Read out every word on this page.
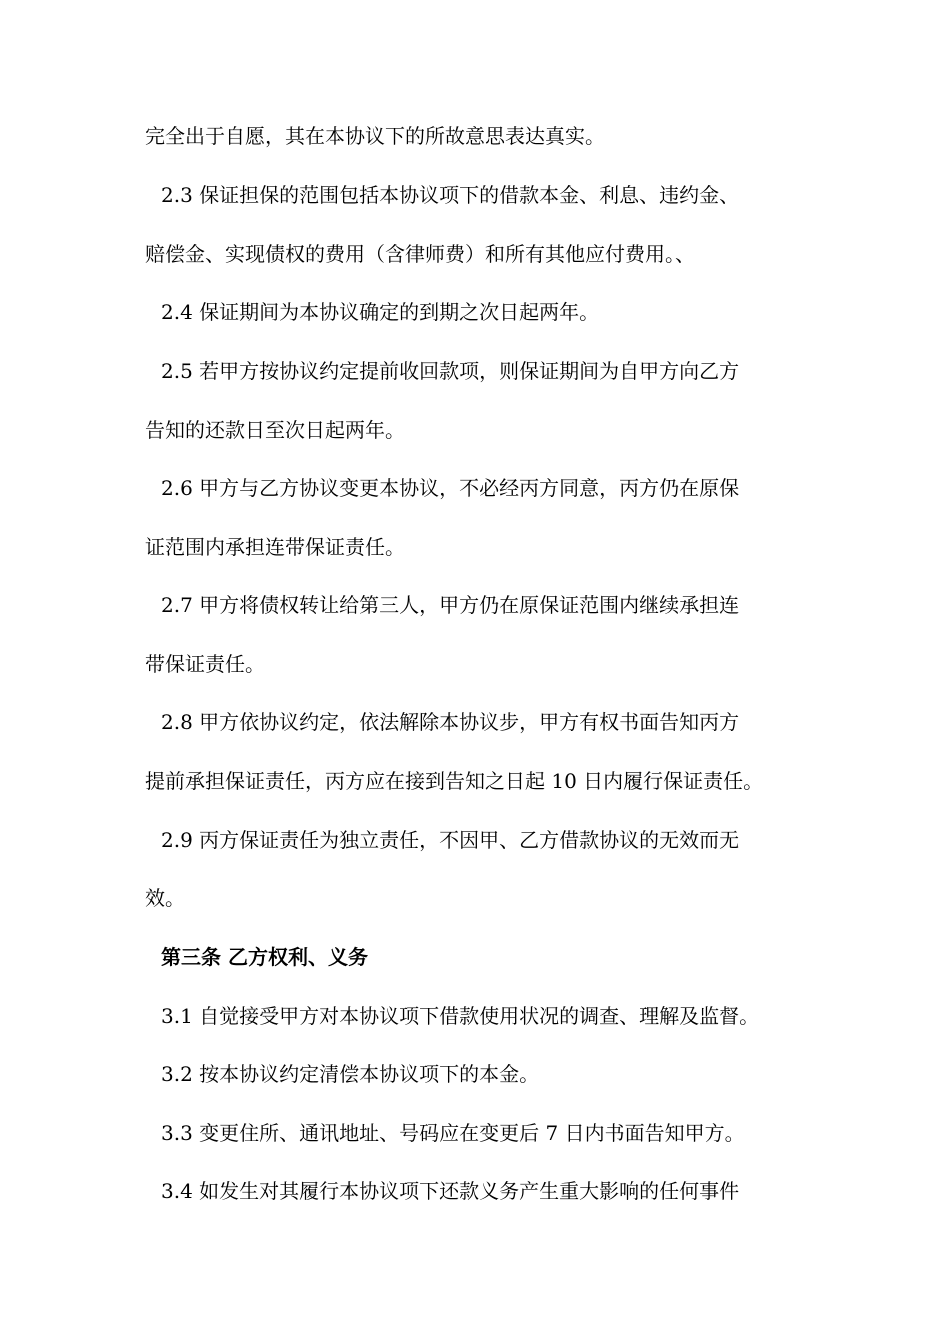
完全出于自愿，其在本协议下的所故意思表达真实。
2.3 保证担保的范围包括本协议项下的借款本金、利息、违约金、
赔偿金、实现债权的费用（含律师费）和所有其他应付费用。、
2.4 保证期间为本协议确定的到期之次日起两年。
2.5 若甲方按协议约定提前收回款项，则保证期间为自甲方向乙方
告知的还款日至次日起两年。
2.6 甲方与乙方协议变更本协议，不必经丙方同意，丙方仍在原保
证范围内承担连带保证责任。
2.7 甲方将债权转让给第三人，甲方仍在原保证范围内继续承担连
带保证责任。
2.8 甲方依协议约定，依法解除本协议步，甲方有权书面告知丙方
提前承担保证责任，丙方应在接到告知之日起 10 日内履行保证责任。
2.9 丙方保证责任为独立责任，不因甲、乙方借款协议的无效而无
效。
第三条 乙方权利、义务
3.1 自觉接受甲方对本协议项下借款使用状况的调查、理解及监督。
3.2 按本协议约定清偿本协议项下的本金。
3.3 变更住所、通讯地址、号码应在变更后 7 日内书面告知甲方。
3.4 如发生对其履行本协议项下还款义务产生重大影响的任何事件
